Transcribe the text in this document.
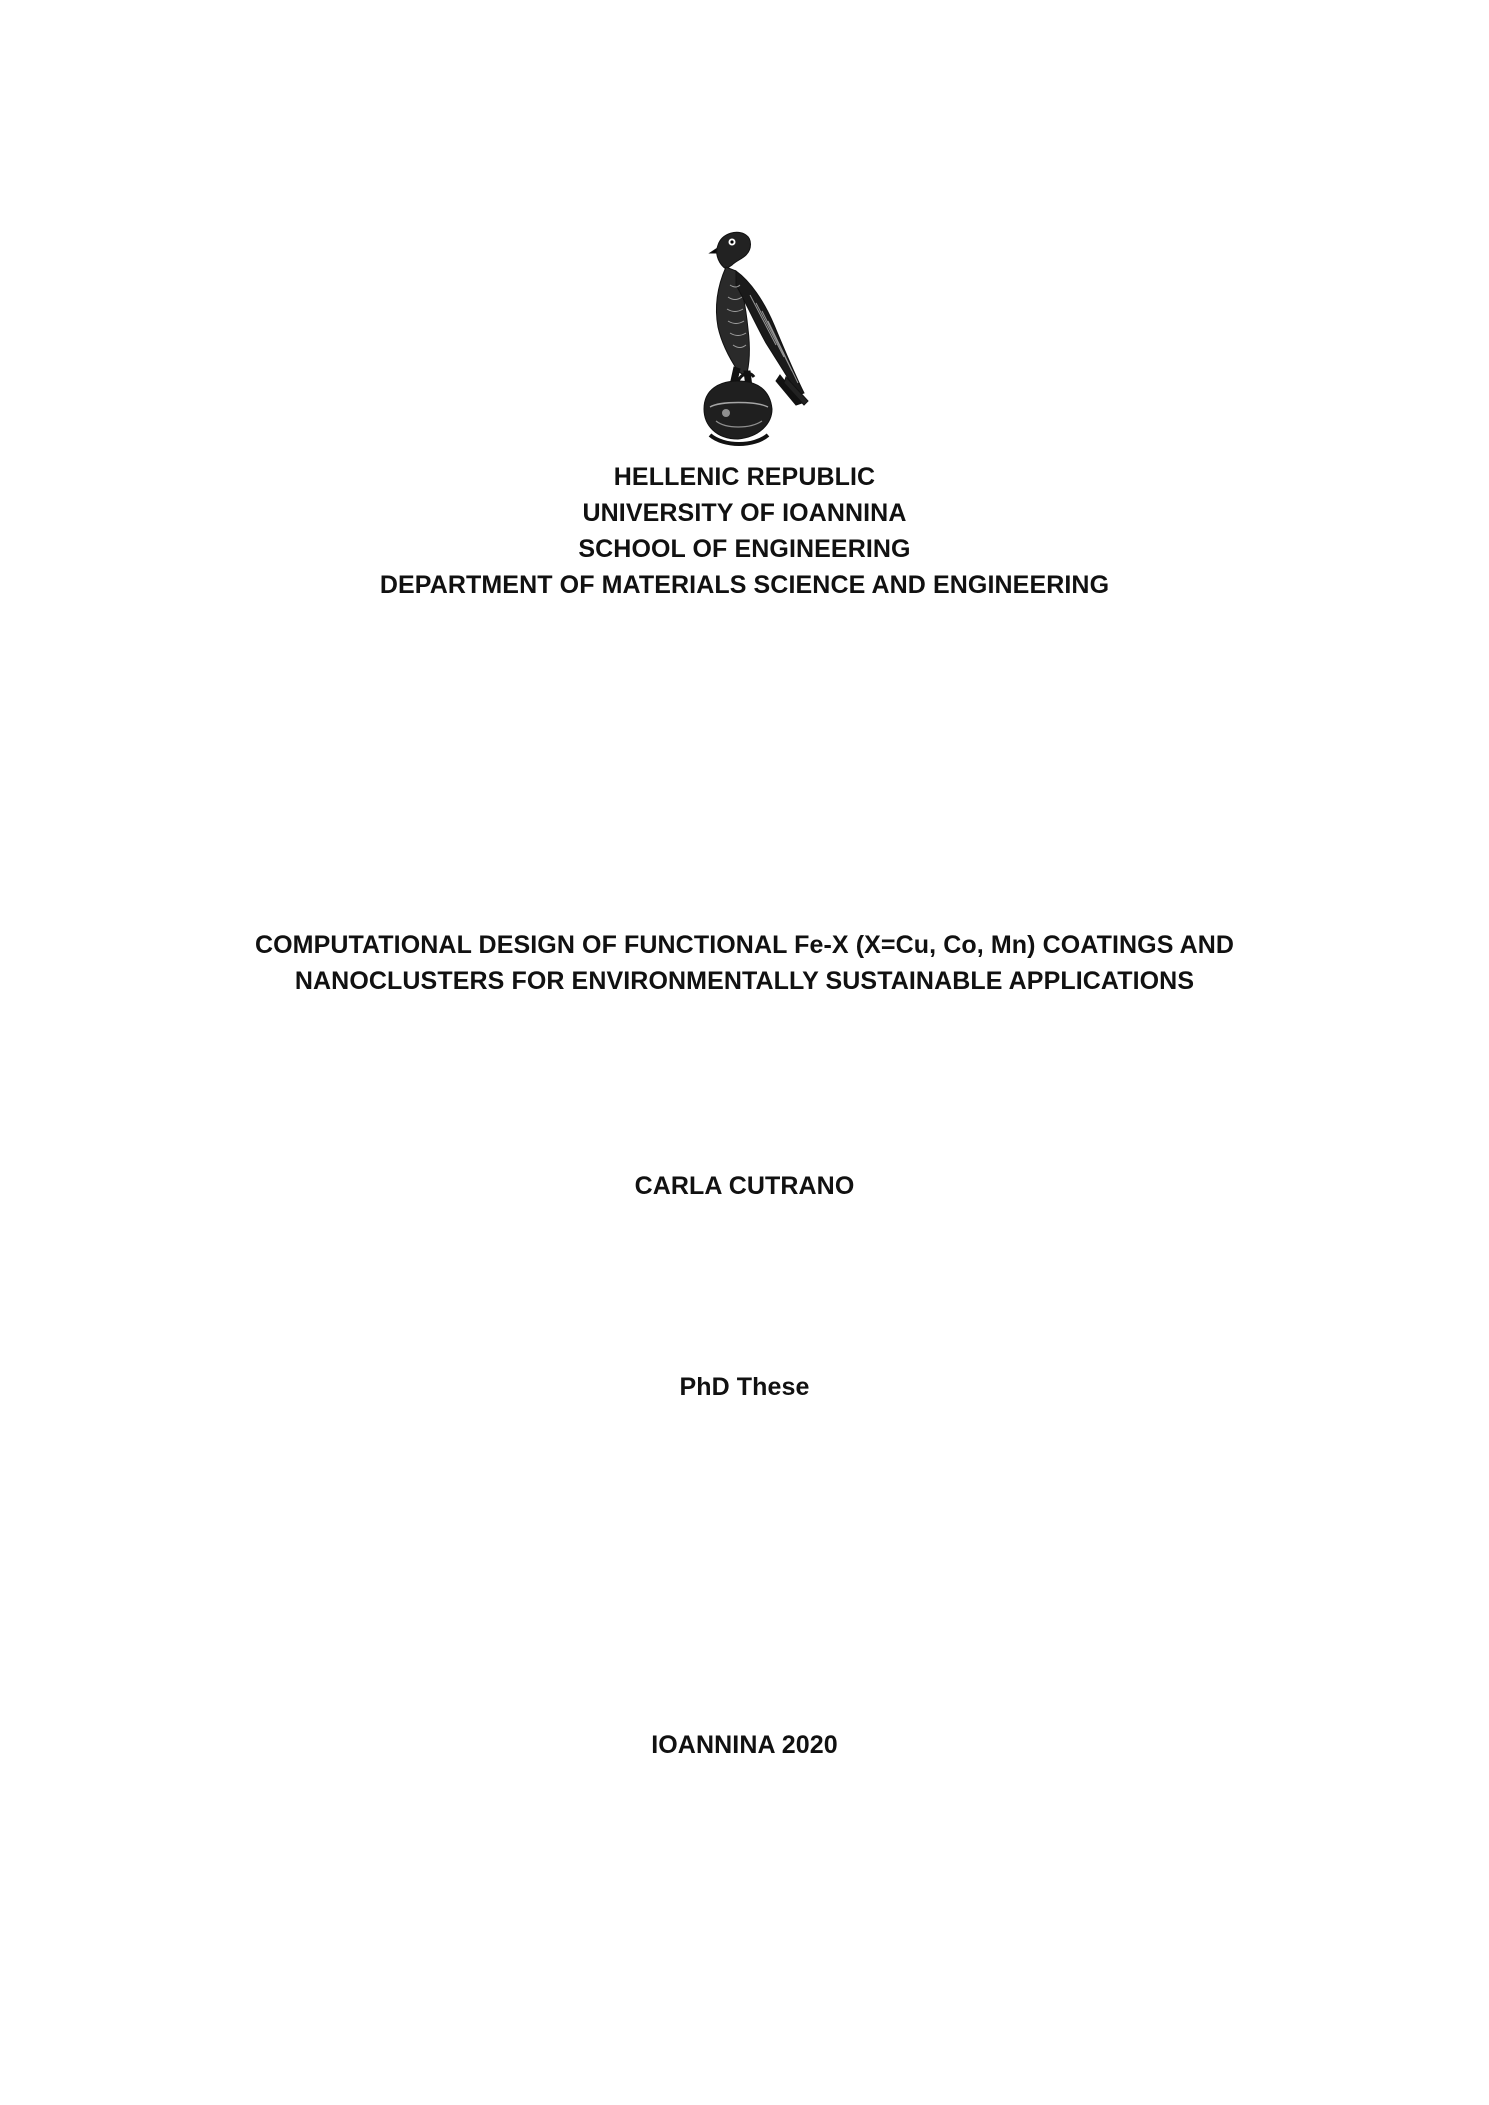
HELLENIC REPUBLIC
UNIVERSITY OF IOANNINA
SCHOOL OF ENGINEERING
DEPARTMENT OF MATERIALS SCIENCE AND ENGINEERING
COMPUTATIONAL DESIGN OF FUNCTIONAL Fe-X (X=Cu, Co, Mn) COATINGS AND
NANOCLUSTERS FOR ENVIRONMENTALLY SUSTAINABLE APPLICATIONS
CARLA CUTRANO
PhD These
IOANNINA 2020
